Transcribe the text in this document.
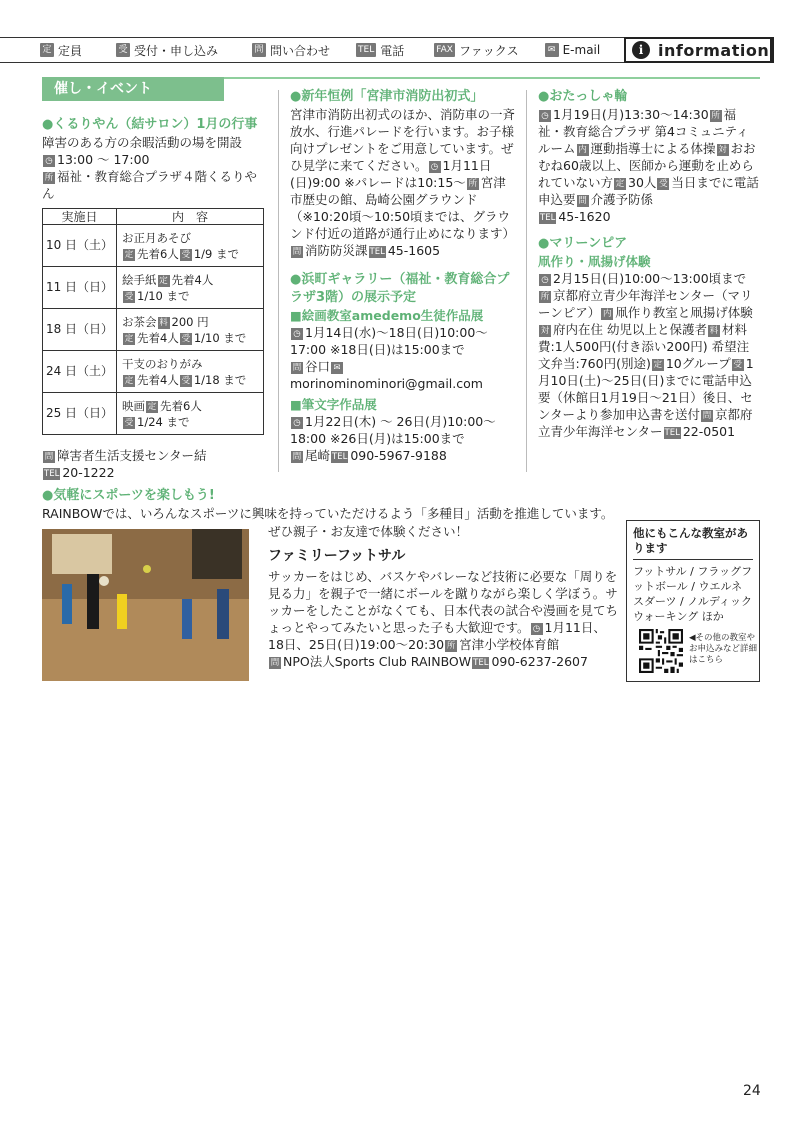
定 定員	受 受付・申し込み	問 問い合わせ	TEL 電話	FAX ファックス	✉ E-mail	i information
催し・イベント
●くるりやん（結サロン）1月の行事
障害のある方の余暇活動の場を開設
◷ 13:00 ～ 17:00
所 福祉・教育総合プラザ４階くるりやん
実施日	内　容
10 日（土）	お正月あそび
定 先着6人 受 1/9 まで

11 日（日）	絵手紙 定 先着4人
受 1/10 まで

18 日（日）	お茶会 料 200 円
定 先着4人 受 1/10 まで

24 日（土）	干支のおりがみ
定 先着4人 受 1/18 まで

25 日（日）	映画 定 先着6人
受 1/24 まで
問 障害者生活支援センター結
TEL 20-1222
●新年恒例「宮津市消防出初式」
宮津市消防出初式のほか、消防車の一斉放水、行進パレードを行います。お子様向けプレゼントをご用意しています。ぜひ見学に来てください。 ◷ 1月11日(日)9:00 ※パレードは10:15～ 所 宮津市歴史の館、島崎公園グラウンド（※10:20頃～10:50頃までは、グラウンド付近の道路が通行止めになります）問 消防防災課 TEL 45-1605
●浜町ギャラリー（福祉・教育総合プラザ3階）の展示予定
■絵画教室amedemo生徒作品展
◷ 1月14日(水)～18日(日)10:00～17:00 ※18日(日)は15:00まで
問 谷口 ✉morinominominori@gmail.com
■筆文字作品展
◷ 1月22日(木) ～ 26日(月)10:00～18:00 ※26日(月)は15:00まで
問 尾崎 TEL 090-5967-9188
●おたっしゃ輪
◷ 1月19日(月)13:30～14:30 所 福祉・教育総合プラザ 第4コミュニティルーム 内 運動指導士による体操 対 おおむね60歳以上、医師から運動を止められていない方 定 30人 受 当日までに電話申込要 問 介護予防係
TEL 45-1620
●マリーンピア
凧作り・凧揚げ体験
◷ 2月15日(日)10:00～13:00頃まで所 京都府立青少年海洋センター（マリーンピア） 内 凧作り教室と凧揚げ体験対 府内在住 幼児以上と保護者 料 材料費:1人500円(付き添い200円) 希望注文弁当:760円(別途) 定 10グループ 受 1月10日(土)～25日(日)までに電話申込要（休館日1月19日～21日）後日、センターより参加申込書を送付 問 京都府立青少年海洋センター TEL 22-0501
●気軽にスポーツを楽しもう!
RAINBOWでは、いろんなスポーツに興味を持っていただけるよう「多種目」活動を推進しています。
ぜひ親子・お友達で体験ください！
ファミリーフットサル
サッカーをはじめ、バスケやバレーなど技術に必要な「周りを見る力」を親子で一緒にボールを蹴りながら楽しく学ぼう。サッカーをしたことがなくても、日本代表の試合や漫画を見てちょっとやってみたいと思った子も大歓迎です。 ◷ 1月11日、18日、25日(日)19:00～20:30 所 宮津小学校体育館
問 NPO法人Sports Club RAINBOW TEL 090-6237-2607
他にもこんな教室があります
フットサル / フラッグフットボール / ウエルネスダーツ / ノルディックウォーキング ほか
◀その他の教室やお申込みなど詳細はこちら
24
